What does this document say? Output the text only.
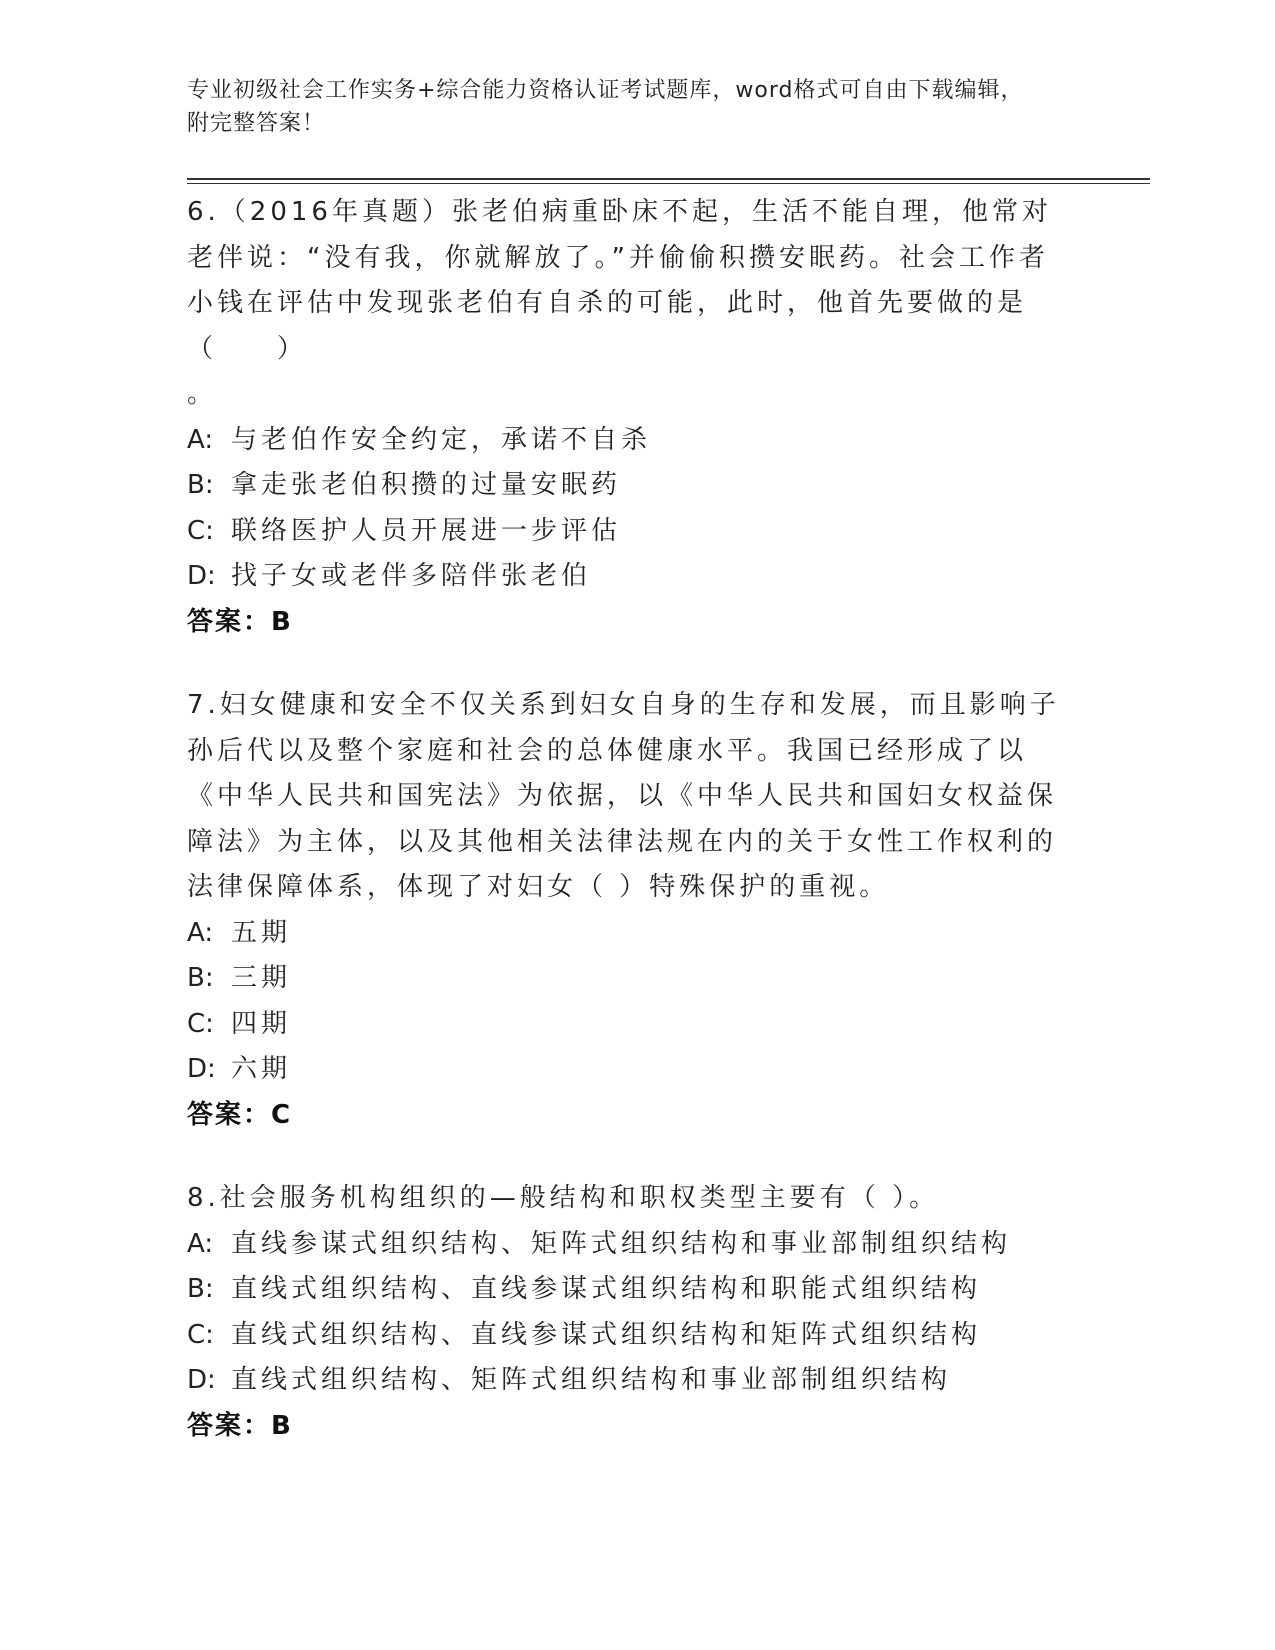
专业初级社会工作实务+综合能力资格认证考试题库，word格式可自由下载编辑，
附完整答案！

6.（2016年真题）张老伯病重卧床不起，生活不能自理，他常对老伴说：“没有我，你就解放了。”并偷偷积攒安眠药。社会工作者小钱在评估中发现张老伯有自杀的可能，此时，他首先要做的是（　　）
。

A: 与老伯作安全约定，承诺不自杀

B: 拿走张老伯积攒的过量安眠药

C: 联络医护人员开展进一步评估

D: 找子女或老伴多陪伴张老伯

答案：B

7.妇女健康和安全不仅关系到妇女自身的生存和发展，而且影响子孙后代以及整个家庭和社会的总体健康水平。我国已经形成了以《中华人民共和国宪法》为依据，以《中华人民共和国妇女权益保障法》为主体，以及其他相关法律法规在内的关于女性工作权利的法律保障体系，体现了对妇女（ ）特殊保护的重视。

A: 五期

B: 三期

C: 四期

D: 六期

答案：C

8.社会服务机构组织的—般结构和职权类型主要有（ ）。

A: 直线参谋式组织结构、矩阵式组织结构和事业部制组织结构

B: 直线式组织结构、直线参谋式组织结构和职能式组织结构

C: 直线式组织结构、直线参谋式组织结构和矩阵式组织结构

D: 直线式组织结构、矩阵式组织结构和事业部制组织结构

答案：B
